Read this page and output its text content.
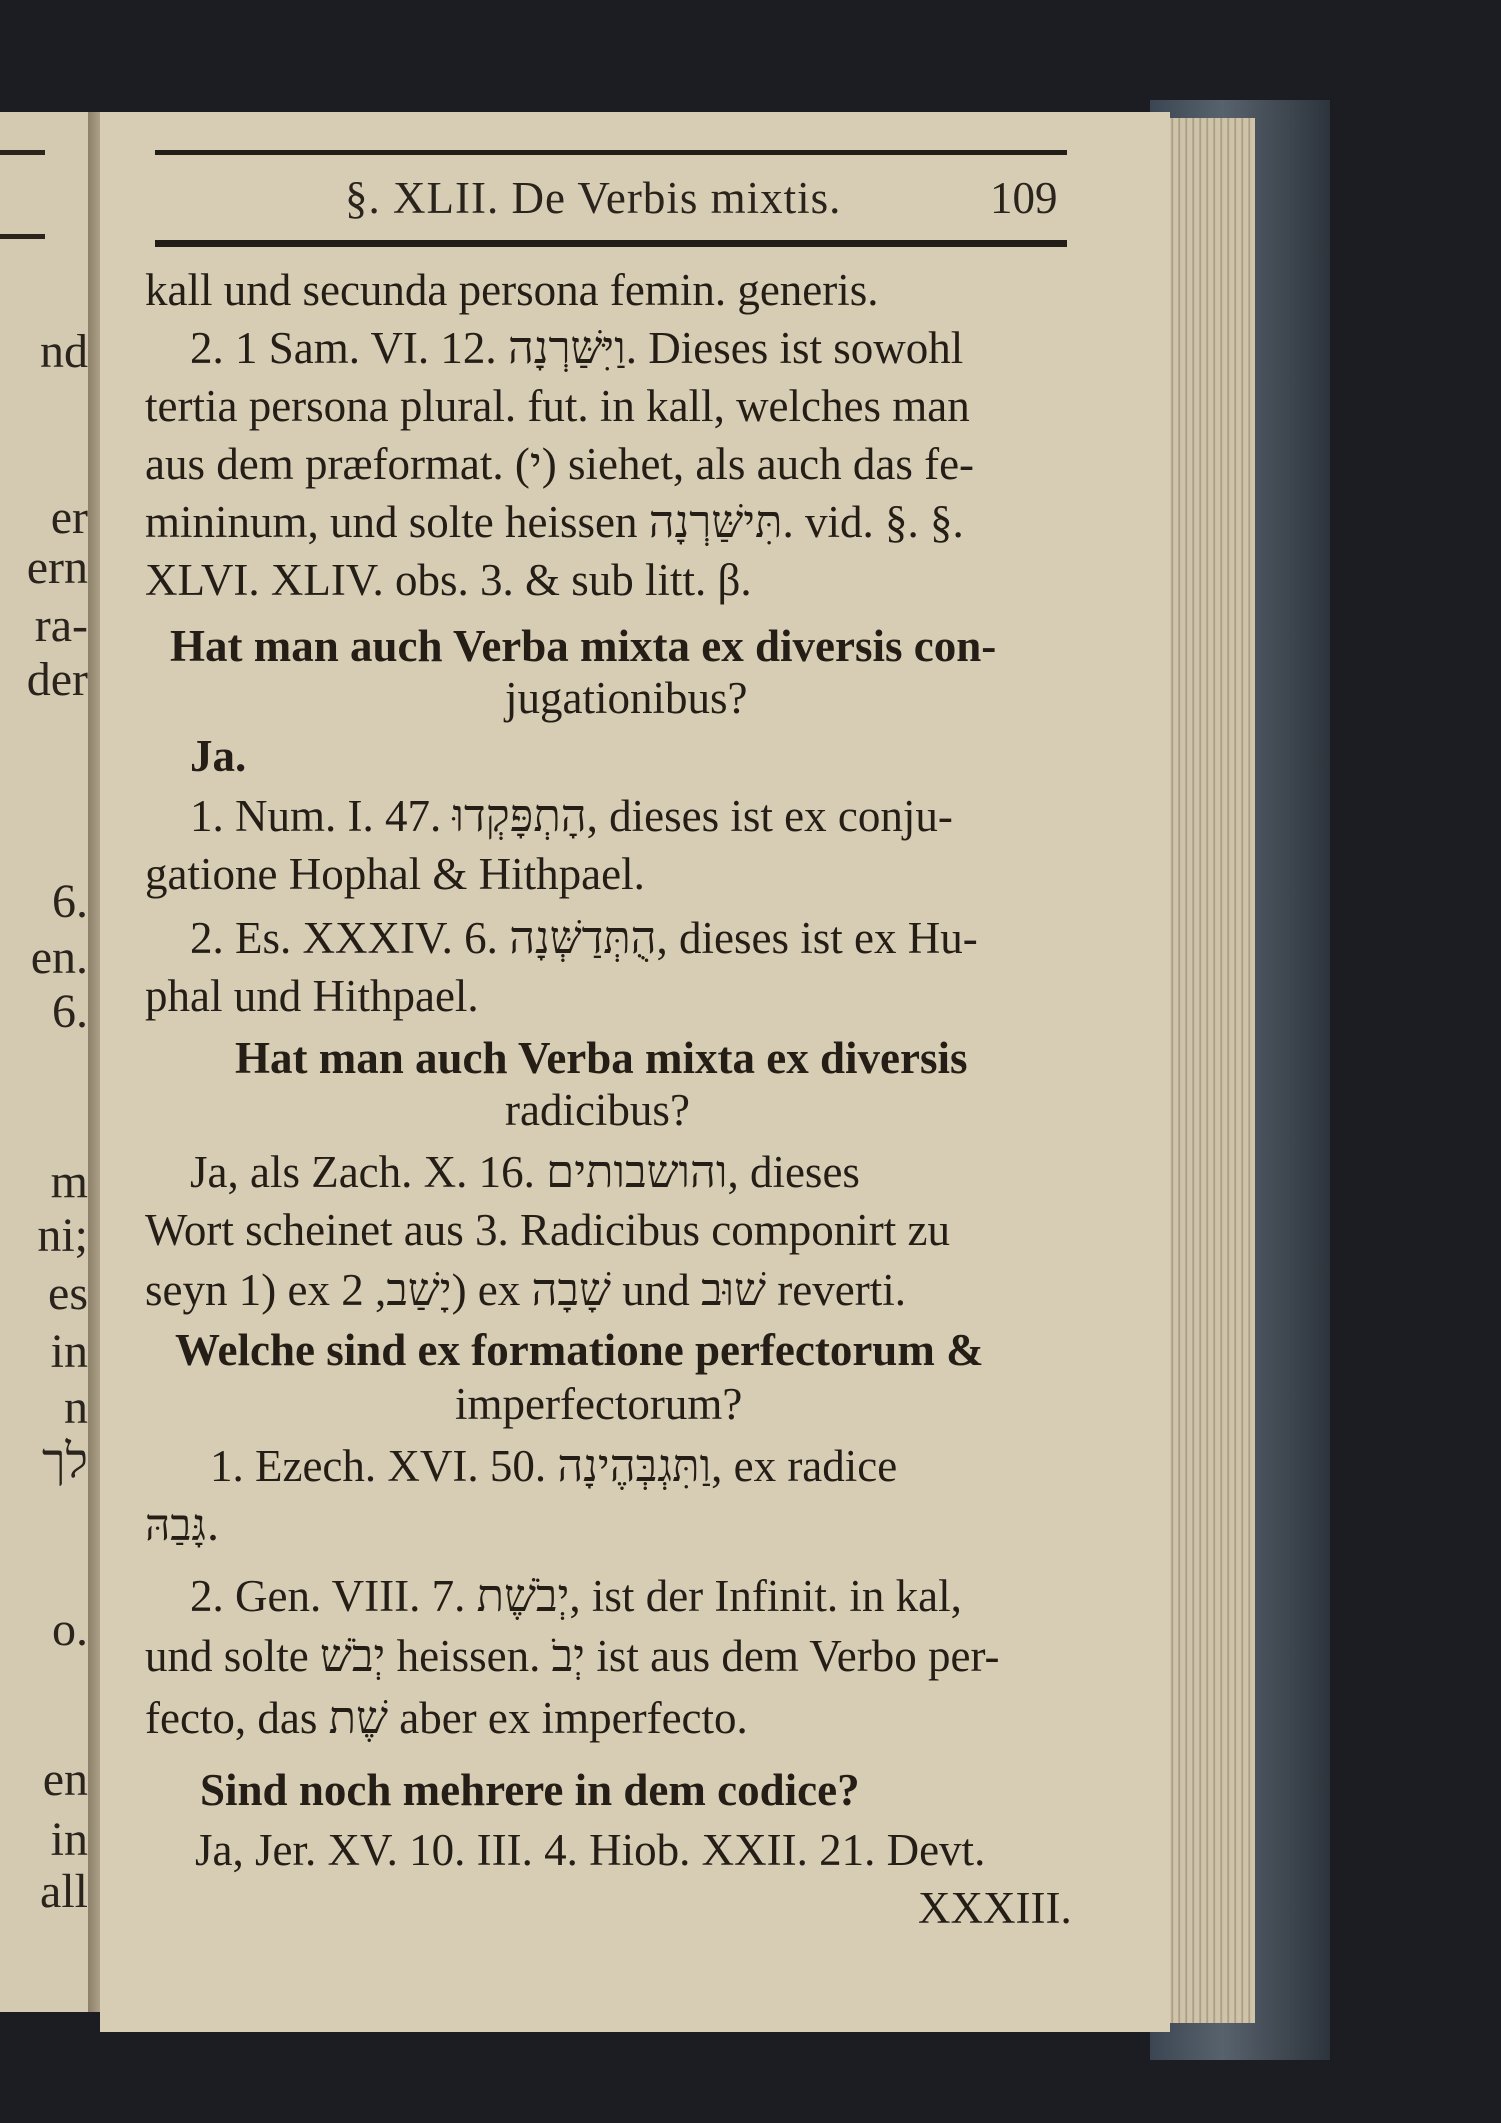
nd
er
ern
ra-
der
6.
en.
6.
m
ni;
es
in
n
לך
o.
en
in
all
§. XLII. De Verbis mixtis.	109
kall und secunda persona femin. generis.
2. 1 Sam. VI. 12. וַיִּשַּׁרְנָה. Dieses ist sowohl
tertia persona plural. fut. in kall, welches man
aus dem præformat. (י) siehet, als auch das fe-
mininum, und solte heissen תִּישַּׁרְנָה. vid. §. §.
XLVI. XLIV. obs. 3. & sub litt. β.
Hat man auch Verba mixta ex diversis con-
jugationibus?
Ja.
1. Num. I. 47. הָתְפָּקְדוּ, dieses ist ex conju-
gatione Hophal & Hithpael.
2. Es. XXXIV. 6. הֻתְּדַשְּׁנָה, dieses ist ex Hu-
phal und Hithpael.
Hat man auch Verba mixta ex diversis
radicibus?
Ja, als Zach. X. 16. והושבותים, dieses
Wort scheinet aus 3. Radicibus componirt zu
seyn 1) ex יָשַׁב, 2) ex שָׁבָה und שׁוּב reverti.
Welche sind ex formatione perfectorum &
imperfectorum?
1. Ezech. XVI. 50. וַתִּגְבְּהֶינָה, ex radice
גָּבַהּ.
2. Gen. VIII. 7. יְבֹשֶׁת, ist der Infinit. in kal,
und solte יְבֹשׁ heissen. יְבֹ ist aus dem Verbo per-
fecto, das שֶׁת aber ex imperfecto.
Sind noch mehrere in dem codice?
Ja, Jer. XV. 10. III. 4. Hiob. XXII. 21. Devt.
XXXIII.
